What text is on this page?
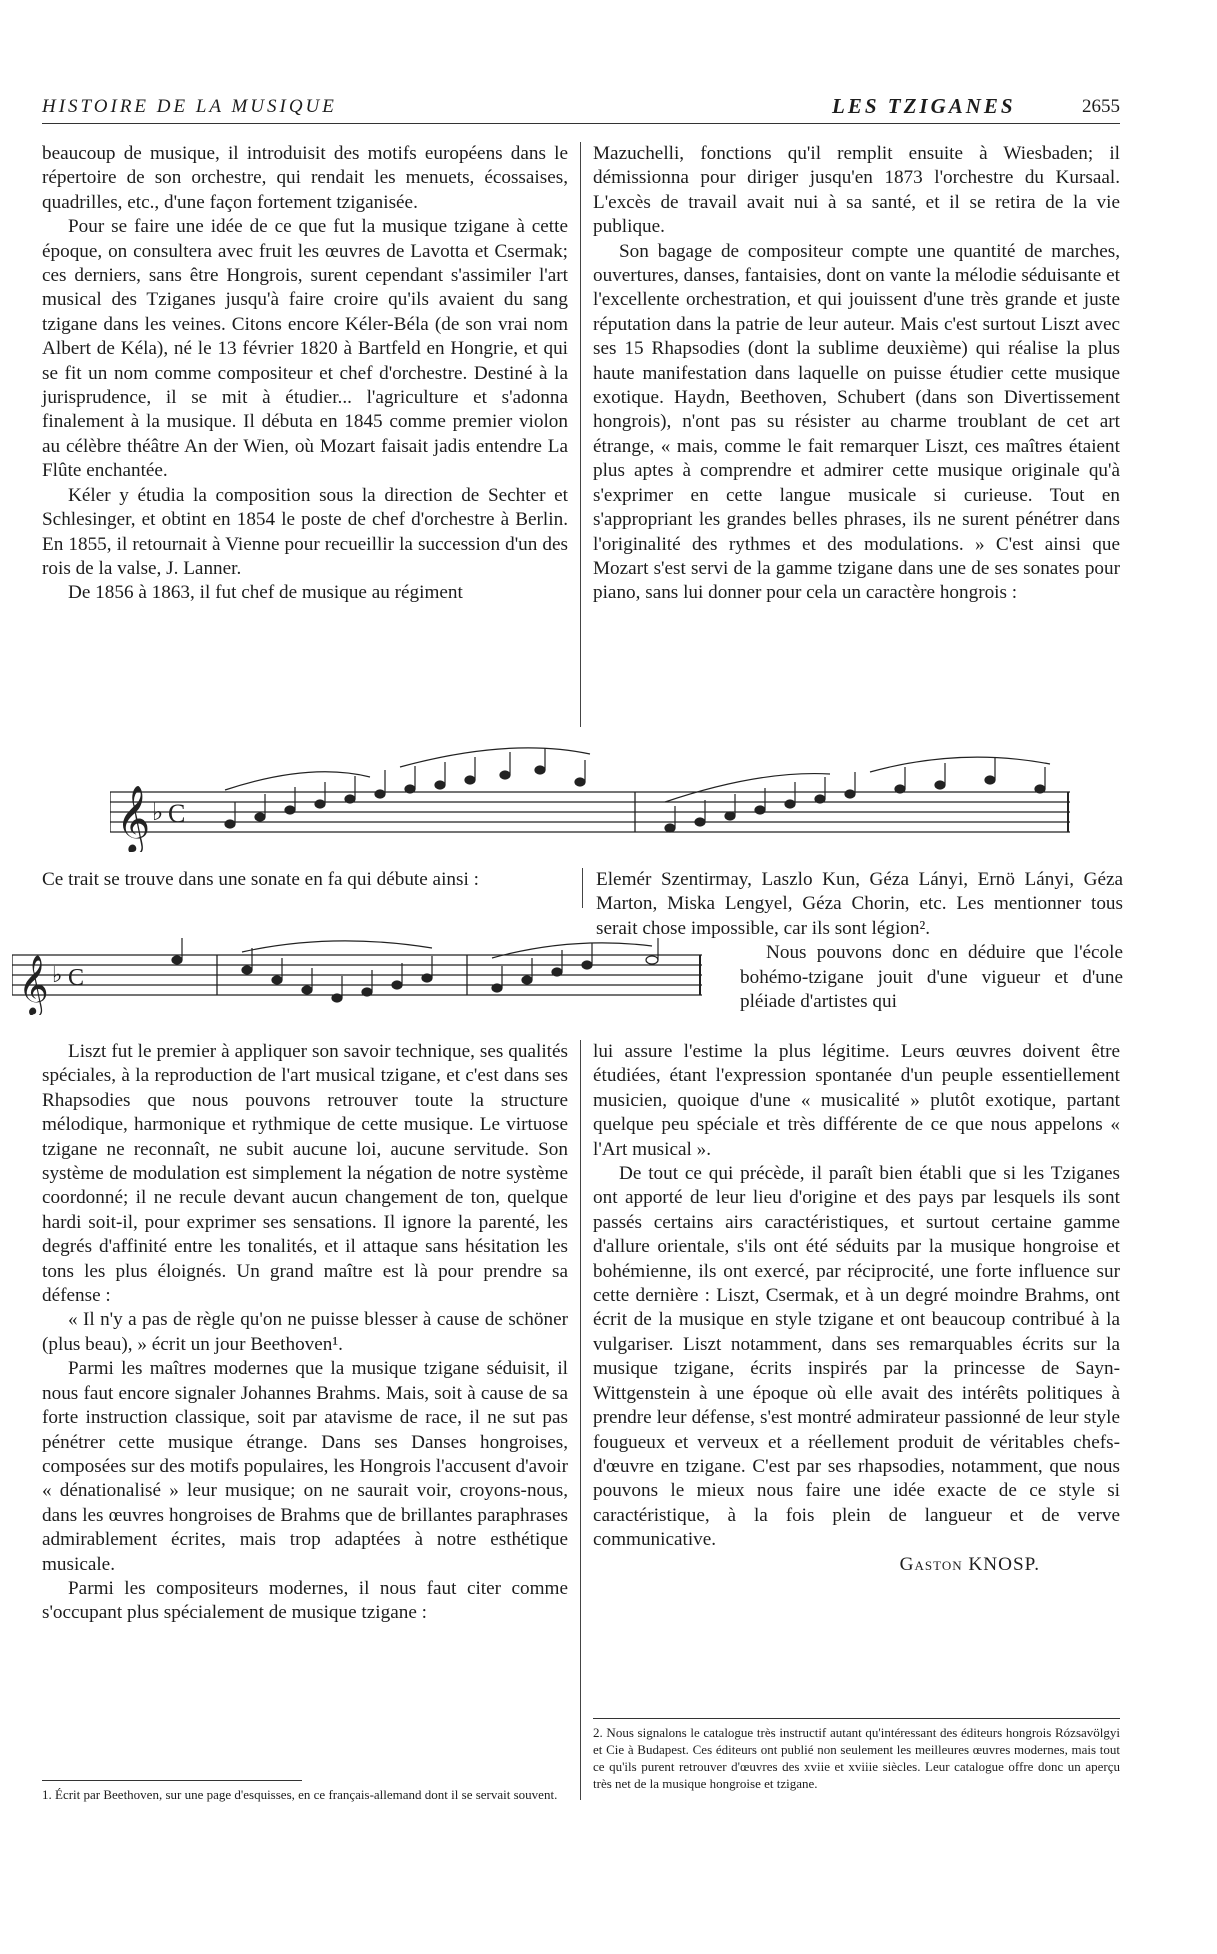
HISTOIRE DE LA MUSIQUE	LES TZIGANES	2655

beaucoup de musique, il introduisit des motifs européens dans le répertoire de son orchestre, qui rendait les menuets, écossaises, quadrilles, etc., d'une façon fortement tziganisée.

Pour se faire une idée de ce que fut la musique tzigane à cette époque, on consultera avec fruit les œuvres de Lavotta et Csermak; ces derniers, sans être Hongrois, surent cependant s'assimiler l'art musical des Tziganes jusqu'à faire croire qu'ils avaient du sang tzigane dans les veines. Citons encore Kéler-Béla (de son vrai nom Albert de Kéla), né le 13 février 1820 à Bartfeld en Hongrie, et qui se fit un nom comme compositeur et chef d'orchestre. Destiné à la jurisprudence, il se mit à étudier... l'agriculture et s'adonna finalement à la musique. Il débuta en 1845 comme premier violon au célèbre théâtre An der Wien, où Mozart faisait jadis entendre La Flûte enchantée.

Kéler y étudia la composition sous la direction de Sechter et Schlesinger, et obtint en 1854 le poste de chef d'orchestre à Berlin. En 1855, il retournait à Vienne pour recueillir la succession d'un des rois de la valse, J. Lanner.

De 1856 à 1863, il fut chef de musique au régiment

Mazuchelli, fonctions qu'il remplit ensuite à Wiesbaden; il démissionna pour diriger jusqu'en 1873 l'orchestre du Kursaal. L'excès de travail avait nui à sa santé, et il se retira de la vie publique.

Son bagage de compositeur compte une quantité de marches, ouvertures, danses, fantaisies, dont on vante la mélodie séduisante et l'excellente orchestration, et qui jouissent d'une très grande et juste réputation dans la patrie de leur auteur. Mais c'est surtout Liszt avec ses 15 Rhapsodies (dont la sublime deuxième) qui réalise la plus haute manifestation dans laquelle on puisse étudier cette musique exotique. Haydn, Beethoven, Schubert (dans son Divertissement hongrois), n'ont pas su résister au charme troublant de cet art étrange, « mais, comme le fait remarquer Liszt, ces maîtres étaient plus aptes à comprendre et admirer cette musique originale qu'à s'exprimer en cette langue musicale si curieuse. Tout en s'appropriant les grandes belles phrases, ils ne surent pénétrer dans l'originalité des rythmes et des modulations. » C'est ainsi que Mozart s'est servi de la gamme tzigane dans une de ses sonates pour piano, sans lui donner pour cela un caractère hongrois :

𝄞 ♭ C
𝄞 ♭ C

Ce trait se trouve dans une sonate en fa qui débute ainsi :	Elemér Szentirmay, Laszlo Kun, Géza Lányi, Ernö Lányi, Géza Marton, Miska Lengyel, Géza Chorin, etc. Les mentionner tous serait chose impossible, car ils sont légion².

Nous pouvons donc en déduire que l'école bohémo-tzigane jouit d'une vigueur et d'une pléiade d'artistes qui

Liszt fut le premier à appliquer son savoir technique, ses qualités spéciales, à la reproduction de l'art musical tzigane, et c'est dans ses Rhapsodies que nous pouvons retrouver toute la structure mélodique, harmonique et rythmique de cette musique. Le virtuose tzigane ne reconnaît, ne subit aucune loi, aucune servitude. Son système de modulation est simplement la négation de notre système coordonné; il ne recule devant aucun changement de ton, quelque hardi soit-il, pour exprimer ses sensations. Il ignore la parenté, les degrés d'affinité entre les tonalités, et il attaque sans hésitation les tons les plus éloignés. Un grand maître est là pour prendre sa défense :

« Il n'y a pas de règle qu'on ne puisse blesser à cause de schöner (plus beau), » écrit un jour Beethoven¹.

Parmi les maîtres modernes que la musique tzigane séduisit, il nous faut encore signaler Johannes Brahms. Mais, soit à cause de sa forte instruction classique, soit par atavisme de race, il ne sut pas pénétrer cette musique étrange. Dans ses Danses hongroises, composées sur des motifs populaires, les Hongrois l'accusent d'avoir « dénationalisé » leur musique; on ne saurait voir, croyons-nous, dans les œuvres hongroises de Brahms que de brillantes paraphrases admirablement écrites, mais trop adaptées à notre esthétique musicale.

Parmi les compositeurs modernes, il nous faut citer comme s'occupant plus spécialement de musique tzigane :

lui assure l'estime la plus légitime. Leurs œuvres doivent être étudiées, étant l'expression spontanée d'un peuple essentiellement musicien, quoique d'une « musicalité » plutôt exotique, partant quelque peu spéciale et très différente de ce que nous appelons « l'Art musical ».

De tout ce qui précède, il paraît bien établi que si les Tziganes ont apporté de leur lieu d'origine et des pays par lesquels ils sont passés certains airs caractéristiques, et surtout certaine gamme d'allure orientale, s'ils ont été séduits par la musique hongroise et bohémienne, ils ont exercé, par réciprocité, une forte influence sur cette dernière : Liszt, Csermak, et à un degré moindre Brahms, ont écrit de la musique en style tzigane et ont beaucoup contribué à la vulgariser. Liszt notamment, dans ses remarquables écrits sur la musique tzigane, écrits inspirés par la princesse de Sayn-Wittgenstein à une époque où elle avait des intérêts politiques à prendre leur défense, s'est montré admirateur passionné de leur style fougueux et verveux et a réellement produit de véritables chefs-d'œuvre en tzigane. C'est par ses rhapsodies, notamment, que nous pouvons le mieux nous faire une idée exacte de ce style si caractéristique, à la fois plein de langueur et de verve communicative.

Gaston KNOSP.

1. Écrit par Beethoven, sur une page d'esquisses, en ce français-allemand dont il se servait souvent.
2. Nous signalons le catalogue très instructif autant qu'intéressant des éditeurs hongrois Rózsavölgyi et Cie à Budapest. Ces éditeurs ont publié non seulement les meilleures œuvres modernes, mais tout ce qu'ils purent retrouver d'œuvres des xviie et xviiie siècles. Leur catalogue offre donc un aperçu très net de la musique hongroise et tzigane.
